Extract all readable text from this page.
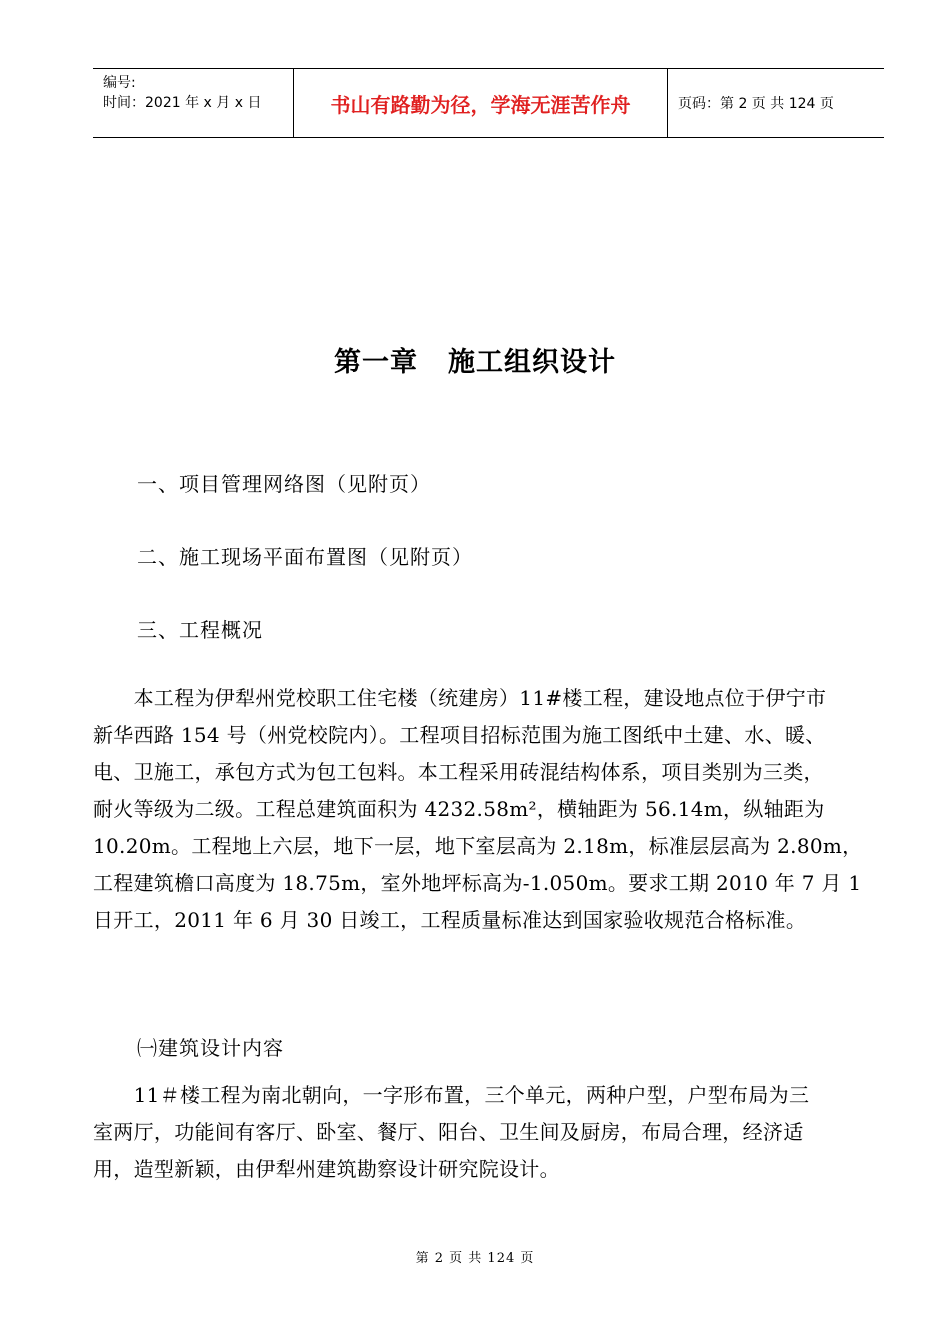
编号:
时间：2021 年 x 月 x 日	书山有路勤为径，学海无涯苦作舟	页码：第 2 页 共 124 页
第一章 施工组织设计
一、项目管理网络图（见附页）
二、施工现场平面布置图（见附页）
三、工程概况
　　本工程为伊犁州党校职工住宅楼（统建房）11#楼工程，建设地点位于伊宁市
新华西路 154 号（州党校院内）。工程项目招标范围为施工图纸中土建、水、暖、
电、卫施工，承包方式为包工包料。本工程采用砖混结构体系，项目类别为三类，
耐火等级为二级。工程总建筑面积为 4232.58m²，横轴距为 56.14m，纵轴距为
10.20m。工程地上六层，地下一层，地下室层高为 2.18m，标准层层高为 2.80m，
工程建筑檐口高度为 18.75m，室外地坪标高为-1.050m。要求工期 2010 年 7 月 1
日开工，2011 年 6 月 30 日竣工，工程质量标准达到国家验收规范合格标准。
㈠建筑设计内容
　　11＃楼工程为南北朝向，一字形布置，三个单元，两种户型，户型布局为三
室两厅，功能间有客厅、卧室、餐厅、阳台、卫生间及厨房，布局合理，经济适
用，造型新颖，由伊犁州建筑勘察设计研究院设计。
第 2 页 共 124 页
